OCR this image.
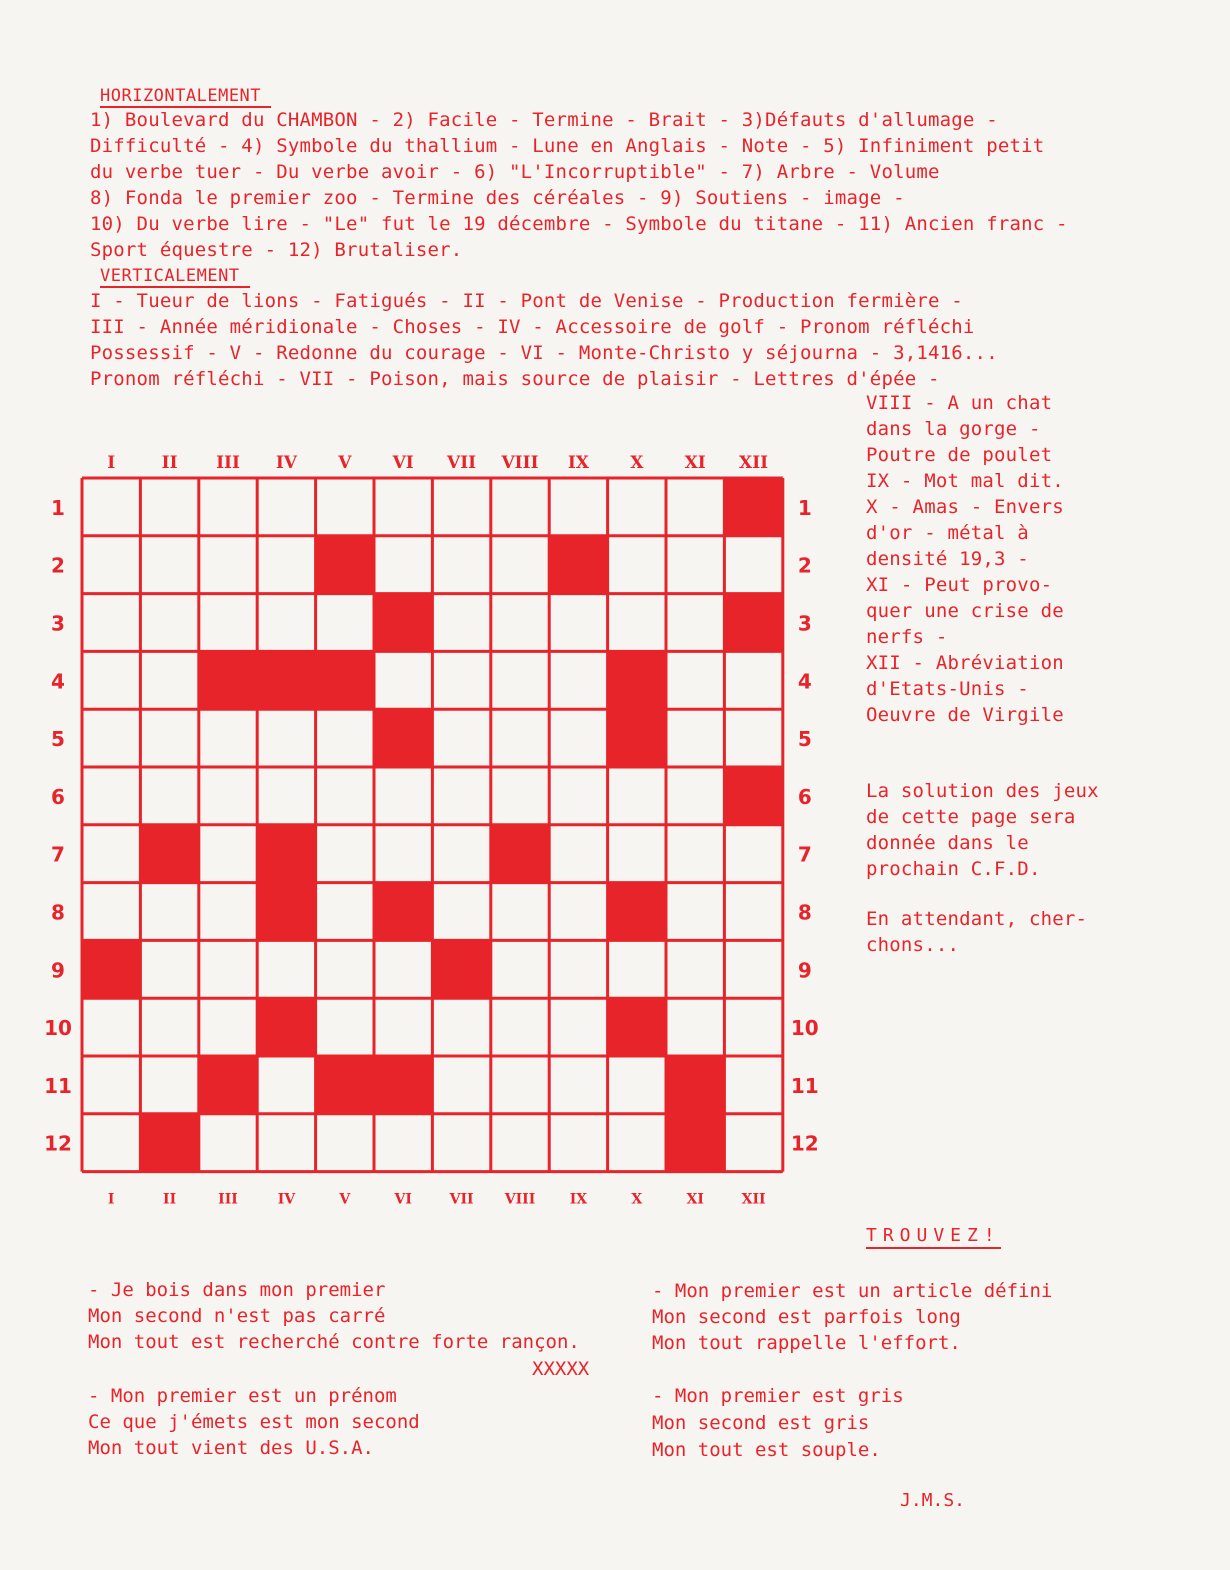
HORIZONTALEMENT
1) Boulevard du CHAMBON - 2) Facile - Termine - Brait - 3)Défauts d'allumage -
Difficulté - 4) Symbole du thallium - Lune en Anglais - Note - 5) Infiniment petit
du verbe tuer - Du verbe avoir - 6) "L'Incorruptible" - 7) Arbre - Volume
8) Fonda le premier zoo - Termine des céréales - 9) Soutiens - image -
10) Du verbe lire - "Le" fut le 19 décembre - Symbole du titane - 11) Ancien franc -
Sport équestre - 12) Brutaliser.
VERTICALEMENT
I - Tueur de lions - Fatigués - II - Pont de Venise - Production fermière -
III - Année méridionale - Choses - IV - Accessoire de golf - Pronom réfléchi
Possessif - V - Redonne du courage - VI - Monte-Christo y séjourna - 3,1416...
Pronom réfléchi - VII - Poison, mais source de plaisir - Lettres d'épée -
VIII - A un chat
dans la gorge -
Poutre de poulet
IX - Mot mal dit.
X - Amas - Envers
d'or - métal à
densité 19,3 -
XI - Peut provo-
quer une crise de
nerfs -
XII - Abréviation
d'Etats-Unis -
Oeuvre de Virgile
La solution des jeux
de cette page sera
donnée dans le
prochain C.F.D.
En attendant, cher-
chons...
I
I
II
II
III
III
IV
IV
V
V
VI
VI
VII
VII
VIII
VIII
IX
IX
X
X
XI
XI
XII
XII
1	1
2	2
3	3
4	4
5	5
6	6
7	7
8	8
9	9
10	10
11	11
12	12
TROUVEZ!
- Je bois dans mon premier
Mon second n'est pas carré
Mon tout est recherché contre forte rançon.
XXXXX
- Mon premier est un prénom
Ce que j'émets est mon second
Mon tout vient des U.S.A.
- Mon premier est un article défini
Mon second est parfois long
Mon tout rappelle l'effort.
- Mon premier est gris
Mon second est gris
Mon tout est souple.
J.M.S.
